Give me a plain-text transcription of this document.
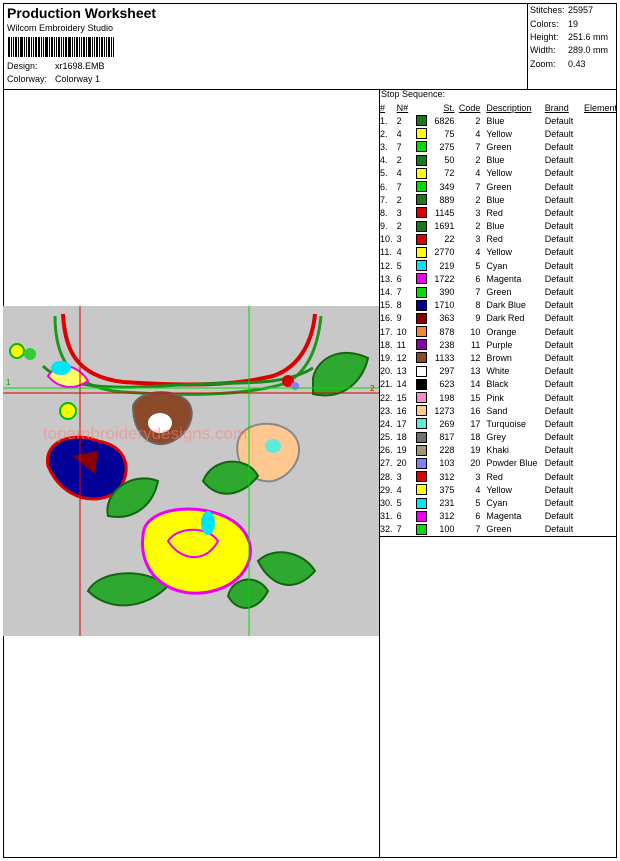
Production Worksheet
Wilcom Embroidery Studio
Design: xr1698.EMB
Colorway: Colorway 1
Stitches: 25957
Colors: 19
Height: 251.6 mm
Width: 289.0 mm
Zoom: 0.43
1
2
topembroiderydesigns.com
Stop Sequence:
#	N#		St.	Code	Description	Brand	Element
1.	2		6826	2	Blue	Default	
2.	4		75	4	Yellow	Default	
3.	7		275	7	Green	Default	
4.	2		50	2	Blue	Default	
5.	4		72	4	Yellow	Default	
6.	7		349	7	Green	Default	
7.	2		889	2	Blue	Default	
8.	3		1145	3	Red	Default	
9.	2		1691	2	Blue	Default	
10.	3		22	3	Red	Default	
11.	4		2770	4	Yellow	Default	
12.	5		219	5	Cyan	Default	
13.	6		1722	6	Magenta	Default	
14.	7		390	7	Green	Default	
15.	8		1710	8	Dark Blue	Default	
16.	9		363	9	Dark Red	Default	
17.	10		878	10	Orange	Default	
18.	11		238	11	Purple	Default	
19.	12		1133	12	Brown	Default	
20.	13		297	13	White	Default	
21.	14		623	14	Black	Default	
22.	15		198	15	Pink	Default	
23.	16		1273	16	Sand	Default	
24.	17		269	17	Turquoise	Default	
25.	18		817	18	Grey	Default	
26.	19		228	19	Khaki	Default	
27.	20		103	20	Powder Blue	Default	
28.	3		312	3	Red	Default	
29.	4		375	4	Yellow	Default	
30.	5		231	5	Cyan	Default	
31.	6		312	6	Magenta	Default	
32.	7		100	7	Green	Default	
